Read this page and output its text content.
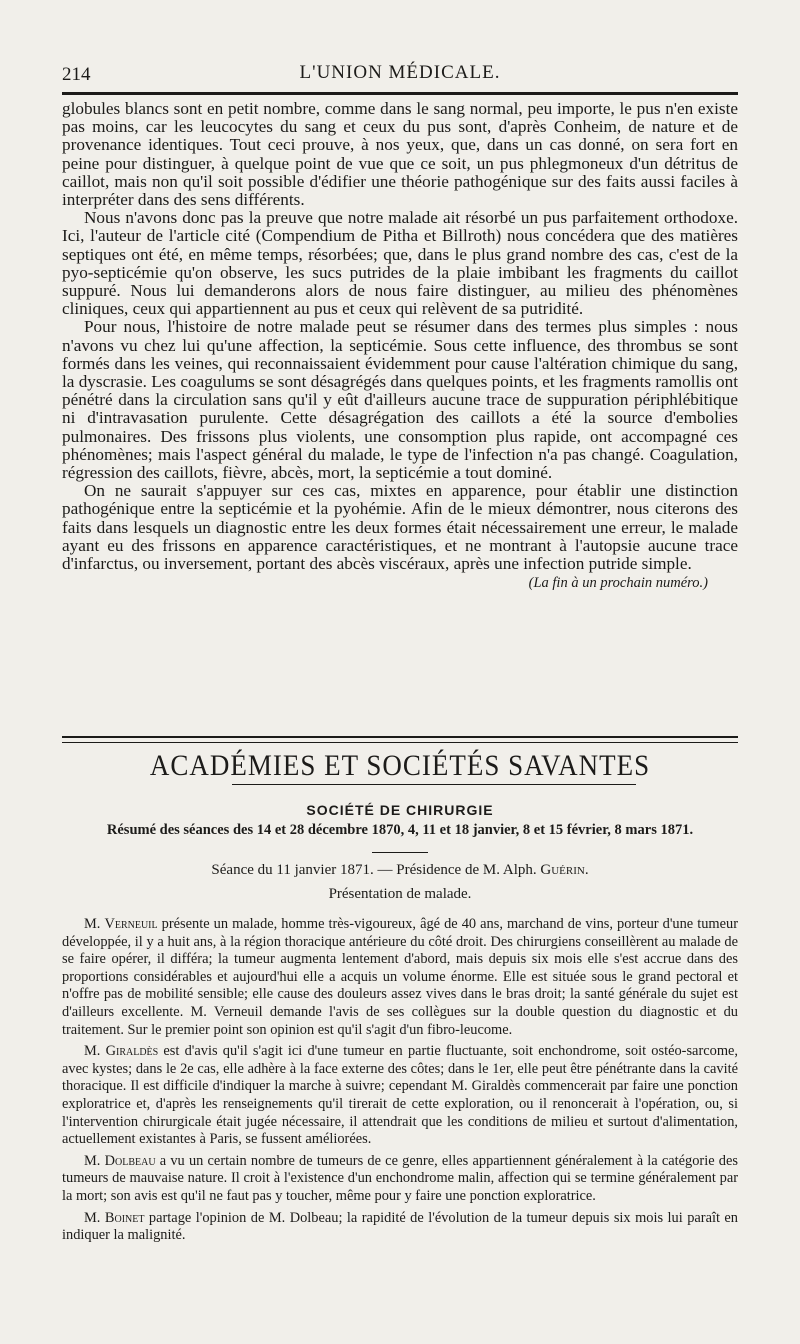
214	L'UNION MÉDICALE.

globules blancs sont en petit nombre, comme dans le sang normal, peu importe, le pus n'en existe pas moins, car les leucocytes du sang et ceux du pus sont, d'après Conheim, de nature et de provenance identiques. Tout ceci prouve, à nos yeux, que, dans un cas donné, on sera fort en peine pour distinguer, à quelque point de vue que ce soit, un pus phlegmoneux d'un détritus de caillot, mais non qu'il soit possible d'édifier une théorie pathogénique sur des faits aussi faciles à interpréter dans des sens différents.

Nous n'avons donc pas la preuve que notre malade ait résorbé un pus parfaitement orthodoxe. Ici, l'auteur de l'article cité (Compendium de Pitha et Billroth) nous concédera que des matières septiques ont été, en même temps, résorbées; que, dans le plus grand nombre des cas, c'est de la pyo-septicémie qu'on observe, les sucs putrides de la plaie imbibant les fragments du caillot suppuré. Nous lui demanderons alors de nous faire distinguer, au milieu des phénomènes cliniques, ceux qui appartiennent au pus et ceux qui relèvent de sa putridité.

Pour nous, l'histoire de notre malade peut se résumer dans des termes plus simples : nous n'avons vu chez lui qu'une affection, la septicémie. Sous cette influence, des thrombus se sont formés dans les veines, qui reconnaissaient évidemment pour cause l'altération chimique du sang, la dyscrasie. Les coagulums se sont désagrégés dans quelques points, et les fragments ramollis ont pénétré dans la circulation sans qu'il y eût d'ailleurs aucune trace de suppuration périphlébitique ni d'intravasation purulente. Cette désagrégation des caillots a été la source d'embolies pulmonaires. Des frissons plus violents, une consomption plus rapide, ont accompagné ces phénomènes; mais l'aspect général du malade, le type de l'infection n'a pas changé. Coagulation, régression des caillots, fièvre, abcès, mort, la septicémie a tout dominé.

On ne saurait s'appuyer sur ces cas, mixtes en apparence, pour établir une distinction pathogénique entre la septicémie et la pyohémie. Afin de le mieux démontrer, nous citerons des faits dans lesquels un diagnostic entre les deux formes était nécessairement une erreur, le malade ayant eu des frissons en apparence caractéristiques, et ne montrant à l'autopsie aucune trace d'infarctus, ou inversement, portant des abcès viscéraux, après une infection putride simple.

(La fin à un prochain numéro.)
ACADÉMIES ET SOCIÉTÉS SAVANTES
SOCIÉTÉ DE CHIRURGIE
Résumé des séances des 14 et 28 décembre 1870, 4, 11 et 18 janvier, 8 et 15 février, 8 mars 1871.
Séance du 11 janvier 1871. — Présidence de M. Alph. Guérin.
Présentation de malade.

M. Verneuil présente un malade, homme très-vigoureux, âgé de 40 ans, marchand de vins, porteur d'une tumeur développée, il y a huit ans, à la région thoracique antérieure du côté droit. Des chirurgiens conseillèrent au malade de se faire opérer, il différa; la tumeur augmenta lentement d'abord, mais depuis six mois elle s'est accrue dans des proportions considérables et aujourd'hui elle a acquis un volume énorme. Elle est située sous le grand pectoral et n'offre pas de mobilité sensible; elle cause des douleurs assez vives dans le bras droit; la santé générale du sujet est d'ailleurs excellente. M. Verneuil demande l'avis de ses collègues sur la double question du diagnostic et du traitement. Sur le premier point son opinion est qu'il s'agit d'un fibro-leucome.

M. Giraldès est d'avis qu'il s'agit ici d'une tumeur en partie fluctuante, soit enchondrome, soit ostéo-sarcome, avec kystes; dans le 2e cas, elle adhère à la face externe des côtes; dans le 1er, elle peut être pénétrante dans la cavité thoracique. Il est difficile d'indiquer la marche à suivre; cependant M. Giraldès commencerait par faire une ponction exploratrice et, d'après les renseignements qu'il tirerait de cette exploration, ou il renoncerait à l'opération, ou, si l'intervention chirurgicale était jugée nécessaire, il attendrait que les conditions de milieu et surtout d'alimentation, actuellement existantes à Paris, se fussent améliorées.

M. Dolbeau a vu un certain nombre de tumeurs de ce genre, elles appartiennent généralement à la catégorie des tumeurs de mauvaise nature. Il croit à l'existence d'un enchondrome malin, affection qui se termine généralement par la mort; son avis est qu'il ne faut pas y toucher, même pour y faire une ponction exploratrice.

M. Boinet partage l'opinion de M. Dolbeau; la rapidité de l'évolution de la tumeur depuis six mois lui paraît en indiquer la malignité.
